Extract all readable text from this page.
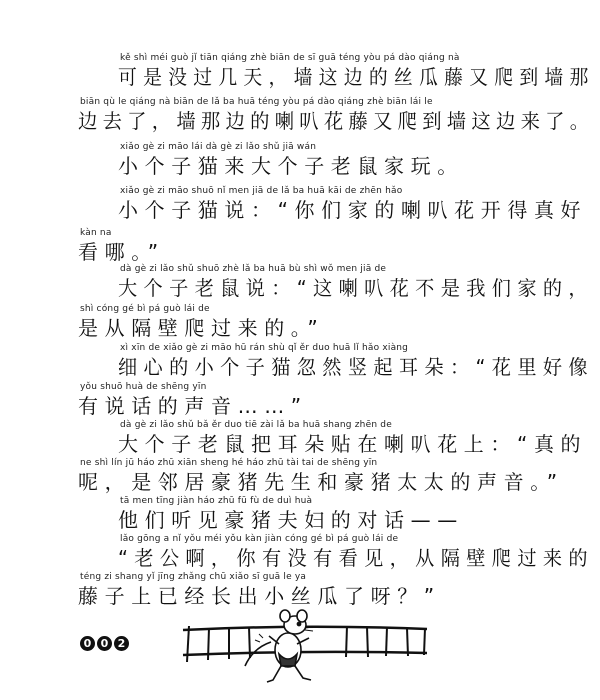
kě shì méi guò jǐ tiān qiáng zhè biān de sī guā téng yòu pá dào qiáng nà
可是没过几天，墙这边的丝瓜藤又爬到墙那
biān qù le qiáng nà biān de lǎ ba huā téng yòu pá dào qiáng zhè biān lái le
边去了，墙那边的喇叭花藤又爬到墙这边来了。
xiǎo gè zi māo lái dà gè zi lǎo shǔ jiā wán
小个子猫来大个子老鼠家玩。
xiǎo gè zi māo shuō nǐ men jiā de lǎ ba huā kāi de zhēn hǎo
小个子猫说：“你们家的喇叭花开得真好
kàn na
看哪。”
dà gè zi lǎo shǔ shuō zhè lǎ ba huā bù shì wǒ men jiā de
大个子老鼠说：“这喇叭花不是我们家的，
shì cóng gé bì pá guò lái de
是从隔壁爬过来的。”
xì xīn de xiǎo gè zi māo hū rán shù qǐ ěr duo huā lǐ hǎo xiàng
细心的小个子猫忽然竖起耳朵：“花里好像
yǒu shuō huà de shēng yīn
有说话的声音……”
dà gè zi lǎo shǔ bǎ ěr duo tiē zài lǎ ba huā shang zhēn de
大个子老鼠把耳朵贴在喇叭花上：“真的
ne shì lín jū háo zhū xiān sheng hé háo zhū tài tai de shēng yīn
呢，是邻居豪猪先生和豪猪太太的声音。”
tā men tīng jiàn háo zhū fū fù de duì huà
他们听见豪猪夫妇的对话——
lǎo gōng a nǐ yǒu méi yǒu kàn jiàn cóng gé bì pá guò lái de
“老公啊，你有没有看见，从隔壁爬过来的
téng zi shang yǐ jīng zhǎng chū xiǎo sī guā le ya
藤子上已经长出小丝瓜了呀？”
0 0 2
